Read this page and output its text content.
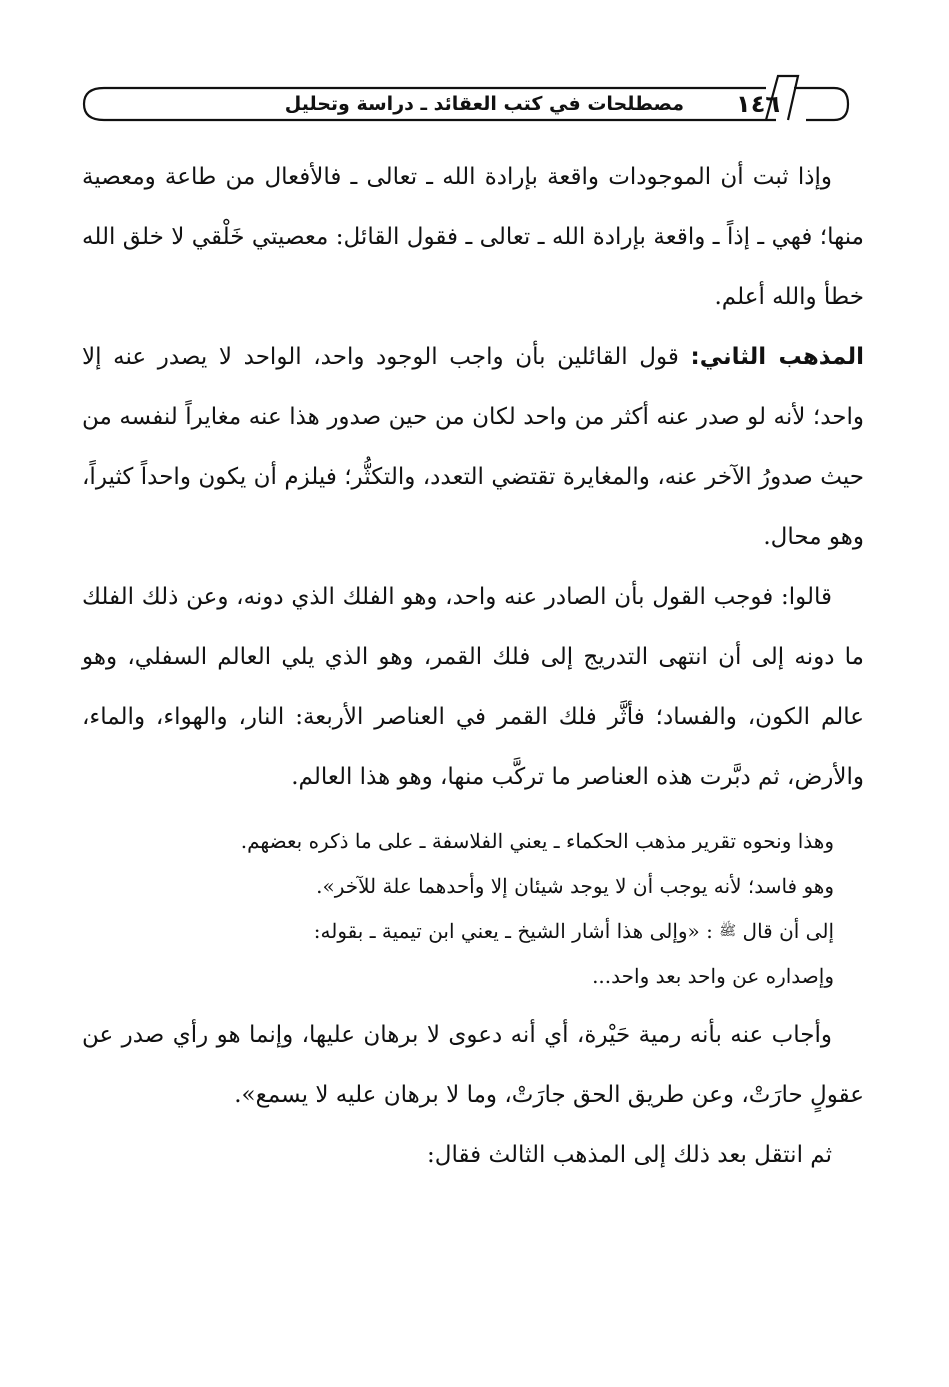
١٤٦
مصطلحات في كتب العقائد ـ دراسة وتحليل

وإذا ثبت أن الموجودات واقعة بإرادة الله ـ تعالى ـ فالأفعال من طاعة ومعصية منها؛ فهي ـ إذاً ـ واقعة بإرادة الله ـ تعالى ـ فقول القائل: معصيتي خَلْقي لا خلق الله خطأ والله أعلم.

المذهب الثاني: قول القائلين بأن واجب الوجود واحد، الواحد لا يصدر عنه إلا واحد؛ لأنه لو صدر عنه أكثر من واحد لكان من حين صدور هذا عنه مغايراً لنفسه من حيث صدورُ الآخر عنه، والمغايرة تقتضي التعدد، والتكثُّر؛ فيلزم أن يكون واحداً كثيراً، وهو محال.

قالوا: فوجب القول بأن الصادر عنه واحد، وهو الفلك الذي دونه، وعن ذلك الفلك ما دونه إلى أن انتهى التدريج إلى فلك القمر، وهو الذي يلي العالم السفلي، وهو عالم الكون، والفساد؛ فأثَّر فلك القمر في العناصر الأربعة: النار، والهواء، والماء، والأرض، ثم دبَّرت هذه العناصر ما تركَّب منها، وهو هذا العالم.

وهذا ونحوه تقرير مذهب الحكماء ـ يعني الفلاسفة ـ على ما ذكره بعضهم.

وهو فاسد؛ لأنه يوجب أن لا يوجد شيئان إلا وأحدهما علة للآخر».

إلى أن قال ﷺ : «وإلى هذا أشار الشيخ ـ يعني ابن تيمية ـ بقوله:

وإصداره عن واحد بعد واحد...

وأجاب عنه بأنه رمية حَيْرة، أي أنه دعوى لا برهان عليها، وإنما هو رأي صدر عن عقولٍ حارَتْ، وعن طريق الحق جارَتْ، وما لا برهان عليه لا يسمع».

ثم انتقل بعد ذلك إلى المذهب الثالث فقال:
